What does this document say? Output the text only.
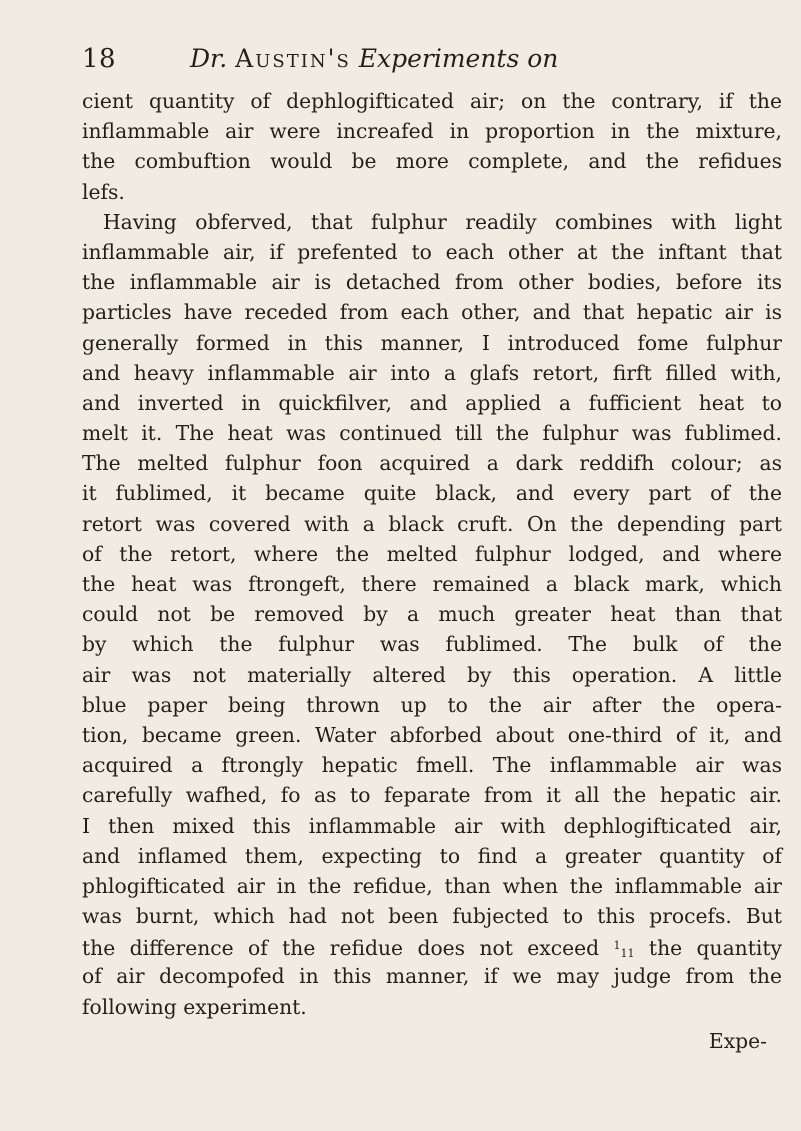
18	Dr. Austin's Experiments on
cient quantity of dephlogifticated air; on the contrary, if the
inflammable air were increafed in proportion in the mixture,
the combuftion would be more complete, and the refidues
lefs.
Having obferved, that fulphur readily combines with light
inflammable air, if prefented to each other at the inftant that
the inflammable air is detached from other bodies, before its
particles have receded from each other, and that hepatic air is
generally formed in this manner, I introduced fome fulphur
and heavy inflammable air into a glafs retort, firft filled with,
and inverted in quickfilver, and applied a fufficient heat to
melt it. The heat was continued till the fulphur was fublimed.
The melted fulphur foon acquired a dark reddifh colour; as
it fublimed, it became quite black, and every part of the
retort was covered with a black cruft. On the depending part
of the retort, where the melted fulphur lodged, and where
the heat was ftrongeft, there remained a black mark, which
could not be removed by a much greater heat than that
by which the fulphur was fublimed. The bulk of the
air was not materially altered by this operation. A little
blue paper being thrown up to the air after the opera-
tion, became green. Water abforbed about one-third of it, and
acquired a ftrongly hepatic fmell. The inflammable air was
carefully wafhed, fo as to feparate from it all the hepatic air.
I then mixed this inflammable air with dephlogifticated air,
and inflamed them, expecting to find a greater quantity of
phlogifticated air in the refidue, than when the inflammable air
was burnt, which had not been fubjected to this procefs. But
the difference of the refidue does not exceed $^1$11 the quantity
of air decompofed in this manner, if we may judge from the
following experiment.
Expe-
